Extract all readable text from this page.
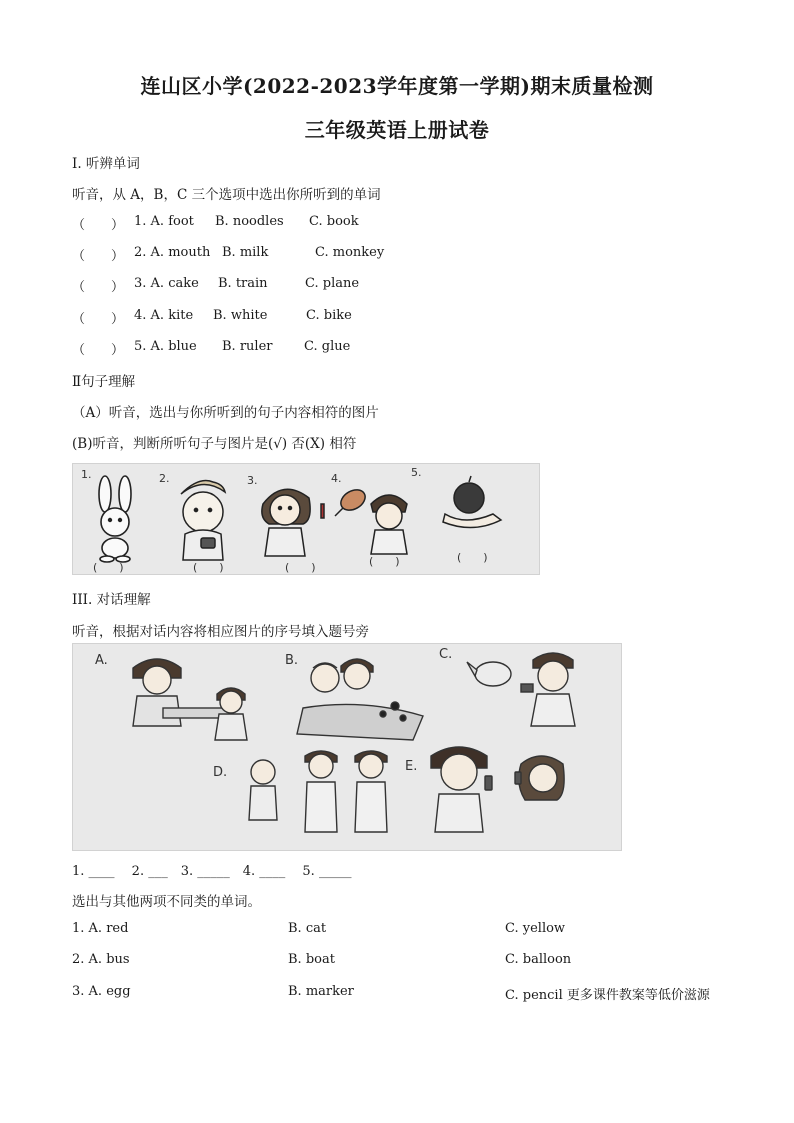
连山区小学(2022-2023学年度第一学期)期末质量检测
三年级英语上册试卷
I. 听辨单词
听音，从 A，B，C 三个选项中选出你所听到的单词
（　　） 1. A. foot B. noodles C. book
（　　） 2. A. mouth B. milk	C. monkey
（　　） 3. A. cake B. train	C. plane
（　　） 4. A. kite B. white	C. bike
（　　） 5. A. blue B. ruler C. glue
Ⅱ句子理解
（A）听音，选出与你所听到的句子内容相符的图片
(B)听音，判断所听句子与图片是(√) 否(X) 相符
1.	2.	3.	4.	5.
(　　)	(　　)	(　　)	(　　)	(　　)
III. 对话理解
听音，根据对话内容将相应图片的序号填入题号旁
A.	B.	C.
D.	E.
1. ____　 2. ___　3. _____　4. ____　 5. _____
选出与其他两项不同类的单词。
1. A. red	B. cat	C. yellow
2. A. bus	B. boat	C. balloon
3. A. egg	B. marker	C. pencil 更多课件教案等低价滋源
